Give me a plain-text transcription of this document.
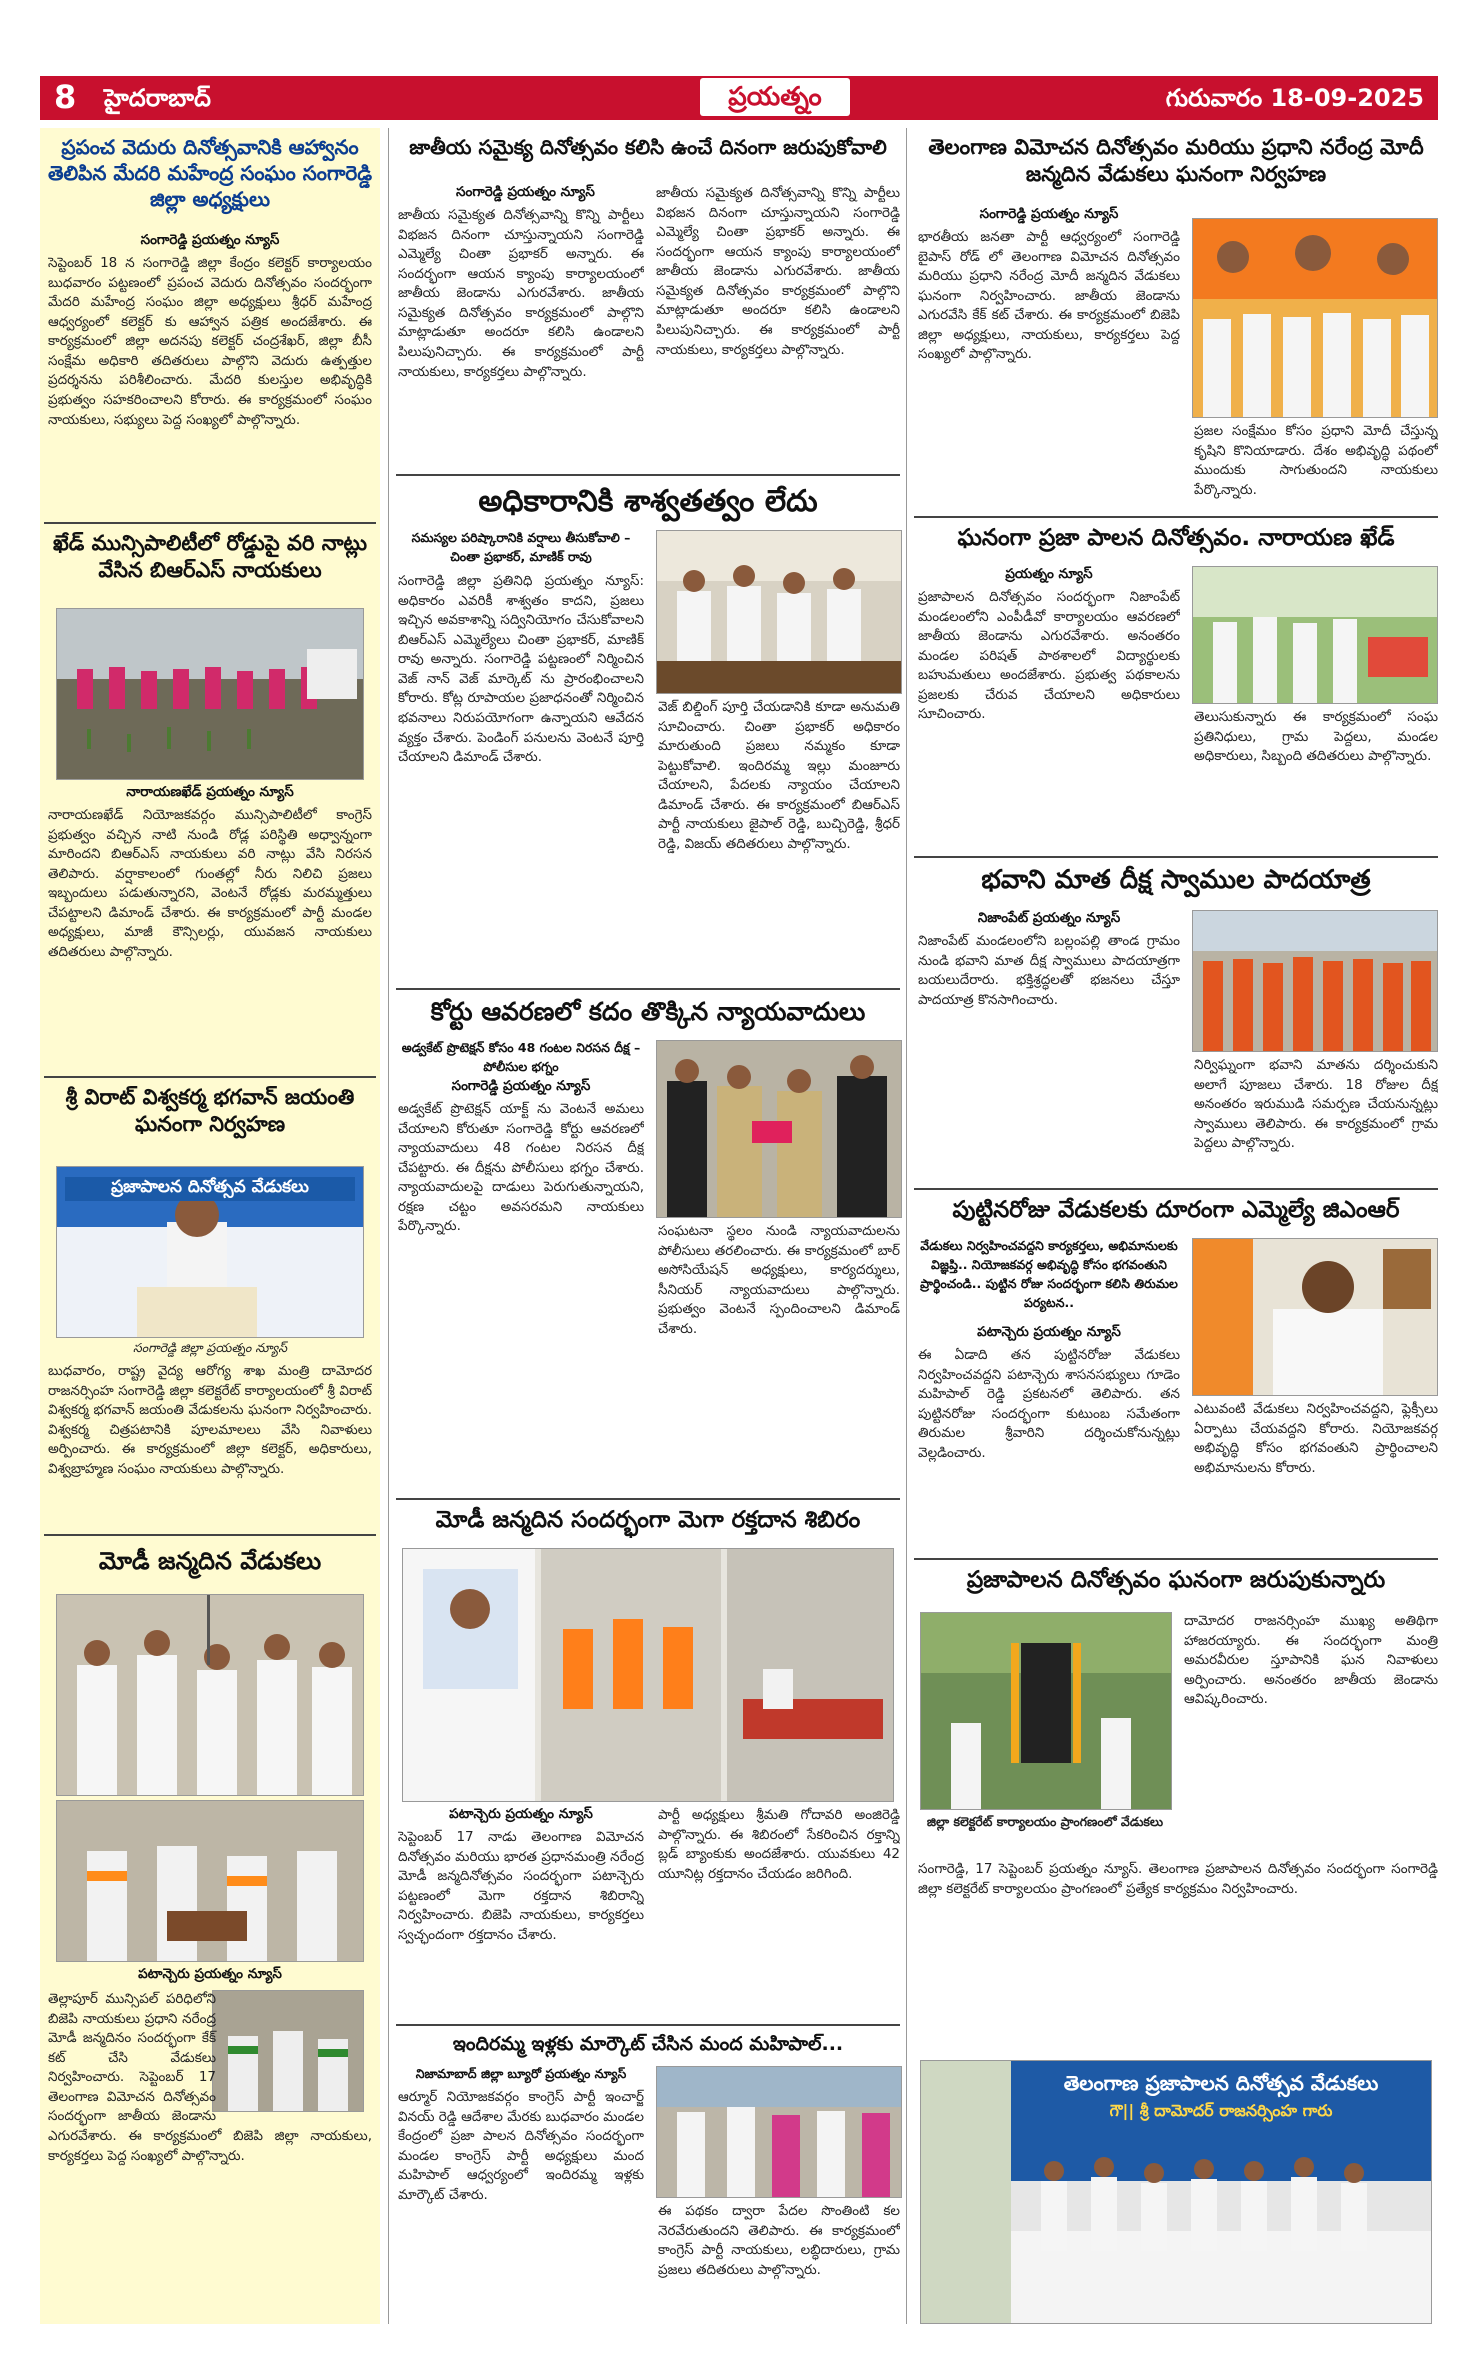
8 హైదరాబాద్	ప్రయత్నం	గురువారం 18-09-2025
ప్రపంచ వెదురు దినోత్సవానికి ఆహ్వానం తెలిపిన మేదరి మహేంద్ర సంఘం సంగారెడ్డి జిల్లా అధ్యక్షులు
సంగారెడ్డి ప్రయత్నం న్యూస్
సెప్టెంబర్ 18 న సంగారెడ్డి జిల్లా కేంద్రం కలెక్టర్ కార్యాలయం బుధవారం పట్టణంలో ప్రపంచ వెదురు దినోత్సవం సందర్భంగా మేదరి మహేంద్ర సంఘం జిల్లా అధ్యక్షులు శ్రీధర్ మహేంద్ర ఆధ్వర్యంలో కలెక్టర్ కు ఆహ్వాన పత్రిక అందజేశారు. ఈ కార్యక్రమంలో జిల్లా అదనపు కలెక్టర్ చంద్రశేఖర్, జిల్లా బీసీ సంక్షేమ అధికారి తదితరులు పాల్గొని వెదురు ఉత్పత్తుల ప్రదర్శనను పరిశీలించారు. మేదరి కులస్తుల అభివృద్ధికి ప్రభుత్వం సహకరించాలని కోరారు. ఈ కార్యక్రమంలో సంఘం నాయకులు, సభ్యులు పెద్ద సంఖ్యలో పాల్గొన్నారు.
ఖేడ్ మున్సిపాలిటీలో రోడ్డుపై వరి నాట్లు వేసిన బిఆర్ఎస్ నాయకులు
నారాయణఖేడ్ ప్రయత్నం న్యూస్
నారాయణఖేడ్ నియోజకవర్గం మున్సిపాలిటీలో కాంగ్రెస్ ప్రభుత్వం వచ్చిన నాటి నుండి రోడ్ల పరిస్థితి అధ్వాన్నంగా మారిందని బిఆర్ఎస్ నాయకులు వరి నాట్లు వేసి నిరసన తెలిపారు. వర్షాకాలంలో గుంతల్లో నీరు నిలిచి ప్రజలు ఇబ్బందులు పడుతున్నారని, వెంటనే రోడ్లకు మరమ్మత్తులు చేపట్టాలని డిమాండ్ చేశారు. ఈ కార్యక్రమంలో పార్టీ మండల అధ్యక్షులు, మాజీ కౌన్సిలర్లు, యువజన నాయకులు తదితరులు పాల్గొన్నారు.
శ్రీ విరాట్ విశ్వకర్మ భగవాన్ జయంతి ఘనంగా నిర్వహణ
ప్రజాపాలన దినోత్సవ వేడుకలు
సంగారెడ్డి జిల్లా ప్రయత్నం న్యూస్
బుధవారం, రాష్ట్ర వైద్య ఆరోగ్య శాఖ మంత్రి దామోదర రాజనర్సింహ సంగారెడ్డి జిల్లా కలెక్టరేట్ కార్యాలయంలో శ్రీ విరాట్ విశ్వకర్మ భగవాన్ జయంతి వేడుకలను ఘనంగా నిర్వహించారు. విశ్వకర్మ చిత్రపటానికి పూలమాలలు వేసి నివాళులు అర్పించారు. ఈ కార్యక్రమంలో జిల్లా కలెక్టర్, అధికారులు, విశ్వబ్రాహ్మణ సంఘం నాయకులు పాల్గొన్నారు.
మోడీ జన్మదిన వేడుకలు
పటాన్చెరు ప్రయత్నం న్యూస్
తెల్లాపూర్ మున్సిపల్ పరిధిలోని బిజెపి నాయకులు ప్రధాని నరేంద్ర మోడీ జన్మదినం సందర్భంగా కేక్ కట్ చేసి వేడుకలు నిర్వహించారు. సెప్టెంబర్ 17 తెలంగాణ విమోచన దినోత్సవం సందర్భంగా జాతీయ జెండాను ఎగురవేశారు. ఈ కార్యక్రమంలో బిజెపి జిల్లా నాయకులు, కార్యకర్తలు పెద్ద సంఖ్యలో పాల్గొన్నారు.
జాతీయ సమైక్య దినోత్సవం కలిసి ఉంచే దినంగా జరుపుకోవాలి
సంగారెడ్డి ప్రయత్నం న్యూస్
జాతీయ సమైక్యత దినోత్సవాన్ని కొన్ని పార్టీలు విభజన దినంగా చూస్తున్నాయని సంగారెడ్డి ఎమ్మెల్యే చింతా ప్రభాకర్ అన్నారు. ఈ సందర్భంగా ఆయన క్యాంపు కార్యాలయంలో జాతీయ జెండాను ఎగురవేశారు. జాతీయ సమైక్యత దినోత్సవం కార్యక్రమంలో పాల్గొని మాట్లాడుతూ అందరూ కలిసి ఉండాలని పిలుపునిచ్చారు. ఈ కార్యక్రమంలో పార్టీ నాయకులు, కార్యకర్తలు పాల్గొన్నారు.
జాతీయ సమైక్యత దినోత్సవాన్ని కొన్ని పార్టీలు విభజన దినంగా చూస్తున్నాయని సంగారెడ్డి ఎమ్మెల్యే చింతా ప్రభాకర్ అన్నారు. ఈ సందర్భంగా ఆయన క్యాంపు కార్యాలయంలో జాతీయ జెండాను ఎగురవేశారు. జాతీయ సమైక్యత దినోత్సవం కార్యక్రమంలో పాల్గొని మాట్లాడుతూ అందరూ కలిసి ఉండాలని పిలుపునిచ్చారు. ఈ కార్యక్రమంలో పార్టీ నాయకులు, కార్యకర్తలు పాల్గొన్నారు.
అధికారానికి శాశ్వతత్వం లేదు
సమస్యల పరిష్కారానికి వర్షాలు తీసుకోవాలి – చింతా ప్రభాకర్, మాణిక్ రావు
సంగారెడ్డి జిల్లా ప్రతినిధి ప్రయత్నం న్యూస్: అధికారం ఎవరికీ శాశ్వతం కాదని, ప్రజలు ఇచ్చిన అవకాశాన్ని సద్వినియోగం చేసుకోవాలని బిఆర్ఎస్ ఎమ్మెల్యేలు చింతా ప్రభాకర్, మాణిక్ రావు అన్నారు. సంగారెడ్డి పట్టణంలో నిర్మించిన వెజ్ నాన్ వెజ్ మార్కెట్ ను ప్రారంభించాలని కోరారు. కోట్ల రూపాయల ప్రజాధనంతో నిర్మించిన భవనాలు నిరుపయోగంగా ఉన్నాయని ఆవేదన వ్యక్తం చేశారు. పెండింగ్ పనులను వెంటనే పూర్తి చేయాలని డిమాండ్ చేశారు.
వెజ్ బిల్డింగ్ పూర్తి చేయడానికి కూడా అనుమతి సూచించారు. చింతా ప్రభాకర్ అధికారం మారుతుంది ప్రజలు నమ్మకం కూడా పెట్టుకోవాలి. ఇందిరమ్మ ఇల్లు మంజూరు చేయాలని, పేదలకు న్యాయం చేయాలని డిమాండ్ చేశారు. ఈ కార్యక్రమంలో బిఆర్ఎస్ పార్టీ నాయకులు జైపాల్ రెడ్డి, బుచ్చిరెడ్డి, శ్రీధర్ రెడ్డి, విజయ్ తదితరులు పాల్గొన్నారు.
కోర్టు ఆవరణలో కదం తొక్కిన న్యాయవాదులు
అడ్వకేట్ ప్రొటెక్షన్ కోసం 48 గంటల నిరసన దీక్ష – పోలీసుల భగ్నం
సంగారెడ్డి ప్రయత్నం న్యూస్
అడ్వకేట్ ప్రొటెక్షన్ యాక్ట్ ను వెంటనే అమలు చేయాలని కోరుతూ సంగారెడ్డి కోర్టు ఆవరణలో న్యాయవాదులు 48 గంటల నిరసన దీక్ష చేపట్టారు. ఈ దీక్షను పోలీసులు భగ్నం చేశారు. న్యాయవాదులపై దాడులు పెరుగుతున్నాయని, రక్షణ చట్టం అవసరమని నాయకులు పేర్కొన్నారు.	సంఘటనా స్థలం నుండి న్యాయవాదులను పోలీసులు తరలించారు. ఈ కార్యక్రమంలో బార్ అసోసియేషన్ అధ్యక్షులు, కార్యదర్శులు, సీనియర్ న్యాయవాదులు పాల్గొన్నారు. ప్రభుత్వం వెంటనే స్పందించాలని డిమాండ్ చేశారు.
మోడీ జన్మదిన సందర్భంగా మెగా రక్తదాన శిబిరం
పటాన్చెరు ప్రయత్నం న్యూస్
సెప్టెంబర్ 17 నాడు తెలంగాణ విమోచన దినోత్సవం మరియు భారత ప్రధానమంత్రి నరేంద్ర మోడీ జన్మదినోత్సవం సందర్భంగా పటాన్చెరు పట్టణంలో మెగా రక్తదాన శిబిరాన్ని నిర్వహించారు. బిజెపి నాయకులు, కార్యకర్తలు స్వచ్ఛందంగా రక్తదానం చేశారు.
పార్టీ అధ్యక్షులు శ్రీమతి గోదావరి అంజిరెడ్డి పాల్గొన్నారు. ఈ శిబిరంలో సేకరించిన రక్తాన్ని బ్లడ్ బ్యాంకుకు అందజేశారు. యువకులు 42 యూనిట్ల రక్తదానం చేయడం జరిగింది.
ఇందిరమ్మ ఇళ్లకు మార్కౌట్ చేసిన మంద మహిపాల్...
నిజామాబాద్ జిల్లా బ్యూరో ప్రయత్నం న్యూస్
ఆర్మూర్ నియోజకవర్గం కాంగ్రెస్ పార్టీ ఇంచార్జ్ వినయ్ రెడ్డి ఆదేశాల మేరకు బుధవారం మండల కేంద్రంలో ప్రజా పాలన దినోత్సవం సందర్భంగా మండల కాంగ్రెస్ పార్టీ అధ్యక్షులు మంద మహిపాల్ ఆధ్వర్యంలో ఇందిరమ్మ ఇళ్లకు మార్కౌట్ చేశారు.
ఈ పథకం ద్వారా పేదల సొంతింటి కల నెరవేరుతుందని తెలిపారు. ఈ కార్యక్రమంలో కాంగ్రెస్ పార్టీ నాయకులు, లబ్ధిదారులు, గ్రామ ప్రజలు తదితరులు పాల్గొన్నారు.
తెలంగాణ విమోచన దినోత్సవం మరియు ప్రధాని నరేంద్ర మోదీ జన్మదిన వేడుకలు ఘనంగా నిర్వహణ
సంగారెడ్డి ప్రయత్నం న్యూస్
భారతీయ జనతా పార్టీ ఆధ్వర్యంలో సంగారెడ్డి బైపాస్ రోడ్ లో తెలంగాణ విమోచన దినోత్సవం మరియు ప్రధాని నరేంద్ర మోదీ జన్మదిన వేడుకలు ఘనంగా నిర్వహించారు. జాతీయ జెండాను ఎగురవేసి కేక్ కట్ చేశారు. ఈ కార్యక్రమంలో బిజెపి జిల్లా అధ్యక్షులు, నాయకులు, కార్యకర్తలు పెద్ద సంఖ్యలో పాల్గొన్నారు.
ప్రజల సంక్షేమం కోసం ప్రధాని మోదీ చేస్తున్న కృషిని కొనియాడారు. దేశం అభివృద్ధి పథంలో ముందుకు సాగుతుందని నాయకులు పేర్కొన్నారు.
ఘనంగా ప్రజా పాలన దినోత్సవం. నారాయణ ఖేడ్
ప్రయత్నం న్యూస్
ప్రజాపాలన దినోత్సవం సందర్భంగా నిజాంపేట్ మండలంలోని ఎంపీడీవో కార్యాలయం ఆవరణలో జాతీయ జెండాను ఎగురవేశారు. అనంతరం మండల పరిషత్ పాఠశాలలో విద్యార్థులకు బహుమతులు అందజేశారు. ప్రభుత్వ పథకాలను ప్రజలకు చేరువ చేయాలని అధికారులు సూచించారు.	తెలుసుకున్నారు ఈ కార్యక్రమంలో సంఘ ప్రతినిధులు, గ్రామ పెద్దలు, మండల అధికారులు, సిబ్బంది తదితరులు పాల్గొన్నారు.
భవాని మాత దీక్ష స్వాముల పాదయాత్ర
నిజాంపేట్ ప్రయత్నం న్యూస్
నిజాంపేట్ మండలంలోని బల్లంపల్లి తాండ గ్రామం నుండి భవాని మాత దీక్ష స్వాములు పాదయాత్రగా బయలుదేరారు. భక్తిశ్రద్ధలతో భజనలు చేస్తూ పాదయాత్ర కొనసాగించారు.
నిర్విఘ్నంగా భవాని మాతను దర్శించుకుని అలాగే పూజలు చేశారు. 18 రోజుల దీక్ష అనంతరం ఇరుముడి సమర్పణ చేయనున్నట్లు స్వాములు తెలిపారు. ఈ కార్యక్రమంలో గ్రామ పెద్దలు పాల్గొన్నారు.
పుట్టినరోజు వేడుకలకు దూరంగా ఎమ్మెల్యే జిఎంఆర్
వేడుకలు నిర్వహించవద్దని కార్యకర్తలు, అభిమానులకు విజ్ఞప్తి.. నియోజకవర్గ అభివృద్ధి కోసం భగవంతుని ప్రార్థించండి.. పుట్టిన రోజు సందర్భంగా కలిసి తిరుమల పర్యటన..
పటాన్చెరు ప్రయత్నం న్యూస్
ఈ ఏడాది తన పుట్టినరోజు వేడుకలు నిర్వహించవద్దని పటాన్చెరు శాసనసభ్యులు గూడెం మహిపాల్ రెడ్డి ప్రకటనలో తెలిపారు. తన పుట్టినరోజు సందర్భంగా కుటుంబ సమేతంగా తిరుమల శ్రీవారిని దర్శించుకోనున్నట్లు వెల్లడించారు.
ఎటువంటి వేడుకలు నిర్వహించవద్దని, ఫ్లెక్సీలు ఏర్పాటు చేయవద్దని కోరారు. నియోజకవర్గ అభివృద్ధి కోసం భగవంతుని ప్రార్థించాలని అభిమానులను కోరారు.
ప్రజాపాలన దినోత్సవం ఘనంగా జరుపుకున్నారు
జిల్లా కలెక్టరేట్ కార్యాలయం ప్రాంగణంలో వేడుకలు
దామోదర రాజనర్సింహ ముఖ్య అతిథిగా హాజరయ్యారు. ఈ సందర్భంగా మంత్రి అమరవీరుల స్తూపానికి ఘన నివాళులు అర్పించారు. అనంతరం జాతీయ జెండాను ఆవిష్కరించారు.
సంగారెడ్డి, 17 సెప్టెంబర్ ప్రయత్నం న్యూస్. తెలంగాణ ప్రజాపాలన దినోత్సవం సందర్భంగా సంగారెడ్డి జిల్లా కలెక్టరేట్ కార్యాలయం ప్రాంగణంలో ప్రత్యేక కార్యక్రమం నిర్వహించారు.
తెలంగాణ ప్రజాపాలన దినోత్సవ వేడుకలు
గౌ|| శ్రీ దామోదర్ రాజనర్సింహ గారు
